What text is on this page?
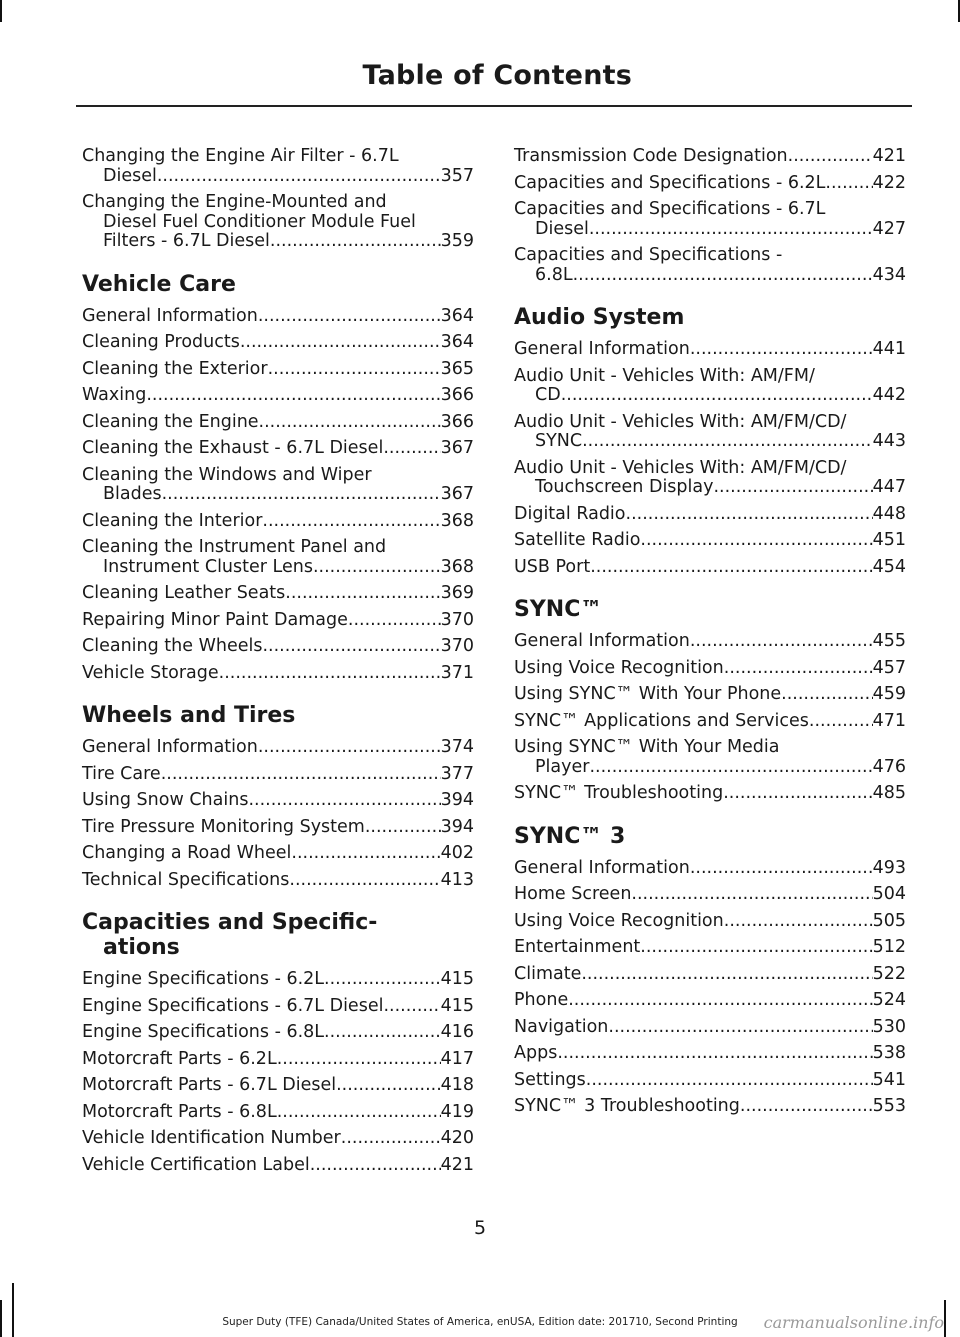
Table of Contents
Changing the Engine Air Filter - 6.7L
Diesel .....	357
Changing the Engine-Mounted and
Diesel Fuel Conditioner Module Fuel
Filters - 6.7L Diesel .....	359
Vehicle Care
General Information .....	364
Cleaning Products .....	364
Cleaning the Exterior .....	365
Waxing .....	366
Cleaning the Engine .....	366
Cleaning the Exhaust - 6.7L Diesel .....	367
Cleaning the Windows and Wiper
Blades .....	367
Cleaning the Interior .....	368
Cleaning the Instrument Panel and
Instrument Cluster Lens .....	368
Cleaning Leather Seats .....	369
Repairing Minor Paint Damage .....	370
Cleaning the Wheels .....	370
Vehicle Storage .....	371
Wheels and Tires
General Information .....	374
Tire Care .....	377
Using Snow Chains .....	394
Tire Pressure Monitoring System .....	394
Changing a Road Wheel .....	402
Technical Specifications .....	413
Capacities and Specific-
ations
Engine Specifications - 6.2L .....	415
Engine Specifications - 6.7L Diesel .....	415
Engine Specifications - 6.8L .....	416
Motorcraft Parts - 6.2L .....	417
Motorcraft Parts - 6.7L Diesel .....	418
Motorcraft Parts - 6.8L .....	419
Vehicle Identification Number .....	420
Vehicle Certification Label .....	421
Transmission Code Designation .....	421
Capacities and Specifications - 6.2L .....	422
Capacities and Specifications - 6.7L
Diesel .....	427
Capacities and Specifications -
6.8L .....	434
Audio System
General Information .....	441
Audio Unit - Vehicles With: AM/FM/
CD .....	442
Audio Unit - Vehicles With: AM/FM/CD/
SYNC .....	443
Audio Unit - Vehicles With: AM/FM/CD/
Touchscreen Display .....	447
Digital Radio .....	448
Satellite Radio .....	451
USB Port .....	454
SYNC™
General Information .....	455
Using Voice Recognition .....	457
Using SYNC™ With Your Phone .....	459
SYNC™ Applications and Services .....	471
Using SYNC™ With Your Media
Player .....	476
SYNC™ Troubleshooting .....	485
SYNC™ 3
General Information .....	493
Home Screen .....	504
Using Voice Recognition .....	505
Entertainment .....	512
Climate .....	522
Phone .....	524
Navigation .....	530
Apps .....	538
Settings .....	541
SYNC™ 3 Troubleshooting .....	553
5
Super Duty (TFE) Canada/United States of America, enUSA, Edition date: 201710, Second Printing	carmanualsonline.info
